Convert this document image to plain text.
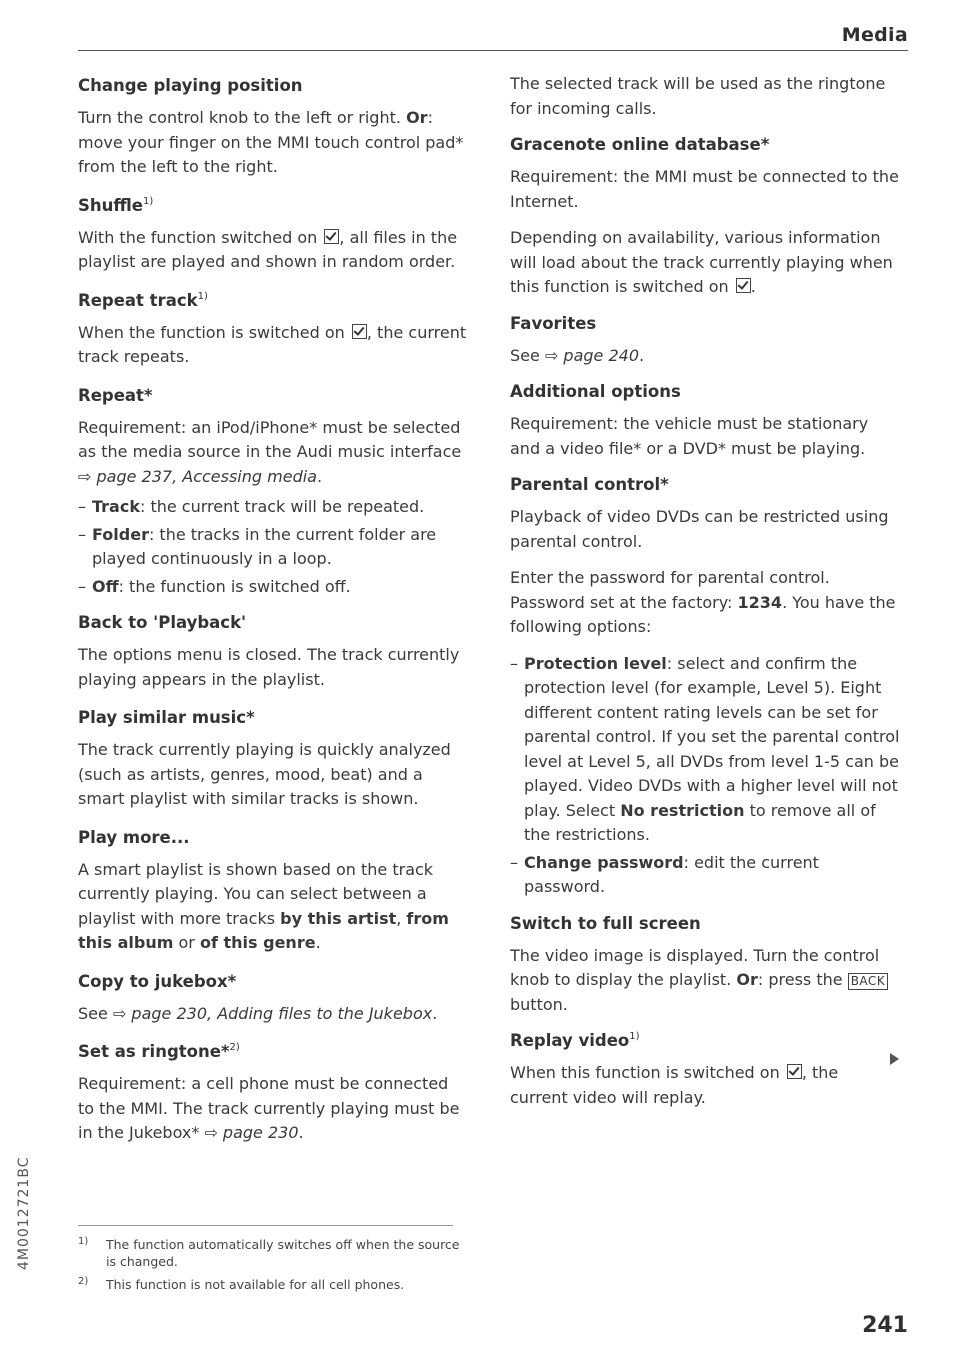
Media
Change playing position

Turn the control knob to the left or right. Or: move your finger on the MMI touch control pad* from the left to the right.

Shuffle$^{1)}$

With the function switched on , all files in the playlist are played and shown in random order.

Repeat track$^{1)}$

When the function is switched on , the current track repeats.

Repeat*

Requirement: an iPod/iPhone* must be selected as the media source in the Audi music interface
⇨ page 237, Accessing media.

– Track: the current track will be repeated.
– Folder: the tracks in the current folder are played continuously in a loop.
– Off: the function is switched off.
Back to 'Playback'

The options menu is closed. The track currently playing appears in the playlist.

Play similar music*

The track currently playing is quickly analyzed (such as artists, genres, mood, beat) and a smart playlist with similar tracks is shown.

Play more...

A smart playlist is shown based on the track currently playing. You can select between a playlist with more tracks by this artist, from this album or of this genre.

Copy to jukebox*

See ⇨ page 230, Adding files to the Jukebox.

Set as ringtone*$^{2)}$

Requirement: a cell phone must be connected to the MMI. The track currently playing must be in the Jukebox* ⇨ page 230.

The selected track will be used as the ringtone for incoming calls.

Gracenote online database*

Requirement: the MMI must be connected to the Internet.

Depending on availability, various information will load about the track currently playing when this function is switched on .

Favorites

See ⇨ page 240.

Additional options

Requirement: the vehicle must be stationary and a video file* or a DVD* must be playing.

Parental control*

Playback of video DVDs can be restricted using parental control.

Enter the password for parental control. Password set at the factory: 1234. You have the following options:

– Protection level: select and confirm the protection level (for example, Level 5). Eight different content rating levels can be set for parental control. If you set the parental control level at Level 5, all DVDs from level 1-5 can be played. Video DVDs with a higher level will not play. Select No restriction to remove all of the restrictions.
– Change password: edit the current password.
Switch to full screen

The video image is displayed. Turn the control knob to display the playlist. Or: press the BACK button.

Replay video$^{1)}$

When this function is switched on , the current video will replay.

1) The function automatically switches off when the source is changed.
2) This function is not available for all cell phones.
4M0012721BC
241
